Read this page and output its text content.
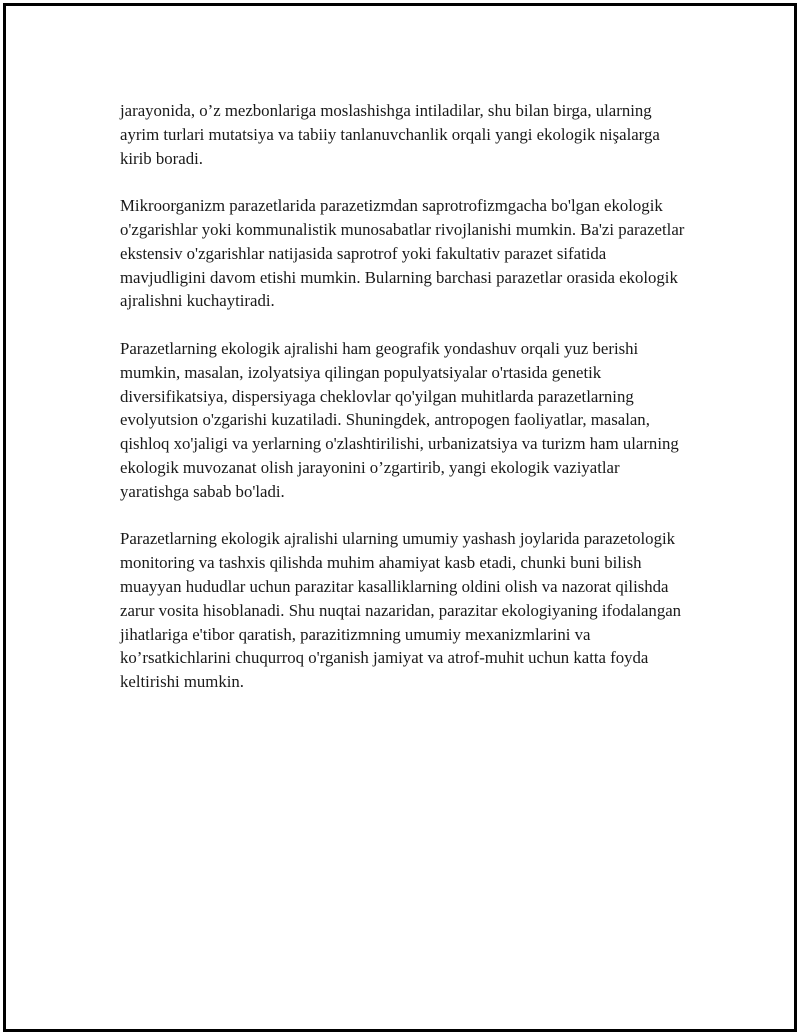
jarayonida, o’z mezbonlariga moslashishga intiladilar, shu bilan birga, ularning ayrim turlari mutatsiya va tabiiy tanlanuvchanlik orqali yangi ekologik nişalarga kirib boradi.

Mikroorganizm parazetlarida parazetizmdan saprotrofizmgacha bo'lgan ekologik o'zgarishlar yoki kommunalistik munosabatlar rivojlanishi mumkin. Ba'zi parazetlar ekstensiv o'zgarishlar natijasida saprotrof yoki fakultativ parazet sifatida mavjudligini davom etishi mumkin. Bularning barchasi parazetlar orasida ekologik ajralishni kuchaytiradi.

Parazetlarning ekologik ajralishi ham geografik yondashuv orqali yuz berishi mumkin, masalan, izolyatsiya qilingan populyatsiyalar o'rtasida genetik diversifikatsiya, dispersiyaga cheklovlar qo'yilgan muhitlarda parazetlarning evolyutsion o'zgarishi kuzatiladi. Shuningdek, antropogen faoliyatlar, masalan, qishloq xo'jaligi va yerlarning o'zlashtirilishi, urbanizatsiya va turizm ham ularning ekologik muvozanat olish jarayonini o’zgartirib, yangi ekologik vaziyatlar yaratishga sabab bo'ladi.

Parazetlarning ekologik ajralishi ularning umumiy yashash joylarida parazetologik monitoring va tashxis qilishda muhim ahamiyat kasb etadi, chunki buni bilish muayyan hududlar uchun parazitar kasalliklarning oldini olish va nazorat qilishda zarur vosita hisoblanadi. Shu nuqtai nazaridan, parazitar ekologiyaning ifodalangan jihatlariga e'tibor qaratish, parazitizmning umumiy mexanizmlarini va ko’rsatkichlarini chuqurroq o'rganish jamiyat va atrof-muhit uchun katta foyda keltirishi mumkin.
